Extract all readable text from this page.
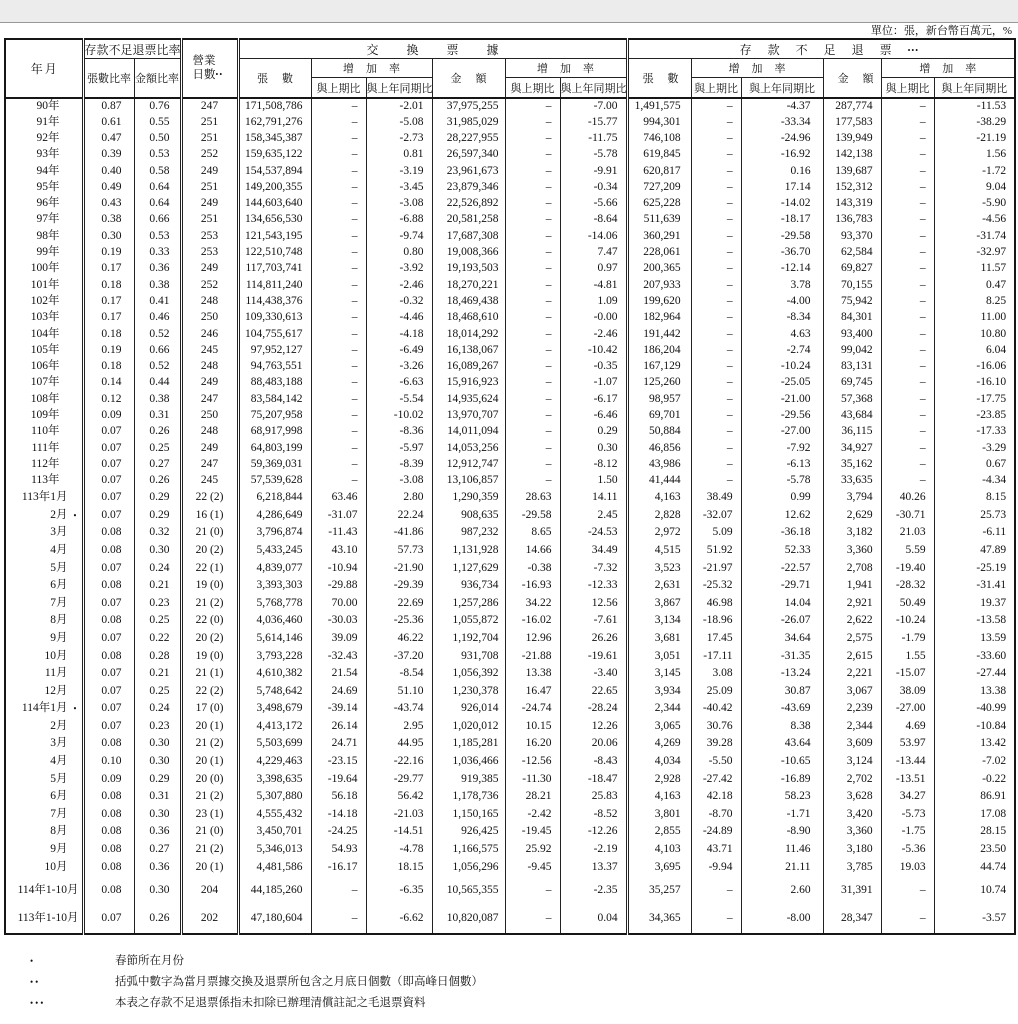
單位：張，新台幣百萬元，%
年月	存款不足退票比率		營業
日數••	交換票據						存款不足退票•••					
	張數比率	金額比率		張數	增加率		金額	增加率		張數	增加率		金額	增加率	
					與上期比	與上年同期比		與上期比	與上年同期比		與上期比	與上年同期比		與上期比	與上年同期比
90年	0.87	0.76	247	171,508,786	–	-2.01	37,975,255	–	-7.00	1,491,575	–	-4.37	287,774	–	-11.53
91年	0.61	0.55	251	162,791,276	–	-5.08	31,985,029	–	-15.77	994,301	–	-33.34	177,583	–	-38.29
92年	0.47	0.50	251	158,345,387	–	-2.73	28,227,955	–	-11.75	746,108	–	-24.96	139,949	–	-21.19
93年	0.39	0.53	252	159,635,122	–	0.81	26,597,340	–	-5.78	619,845	–	-16.92	142,138	–	1.56
94年	0.40	0.58	249	154,537,894	–	-3.19	23,961,673	–	-9.91	620,817	–	0.16	139,687	–	-1.72
95年	0.49	0.64	251	149,200,355	–	-3.45	23,879,346	–	-0.34	727,209	–	17.14	152,312	–	9.04
96年	0.43	0.64	249	144,603,640	–	-3.08	22,526,892	–	-5.66	625,228	–	-14.02	143,319	–	-5.90
97年	0.38	0.66	251	134,656,530	–	-6.88	20,581,258	–	-8.64	511,639	–	-18.17	136,783	–	-4.56
98年	0.30	0.53	253	121,543,195	–	-9.74	17,687,308	–	-14.06	360,291	–	-29.58	93,370	–	-31.74
99年	0.19	0.33	253	122,510,748	–	0.80	19,008,366	–	7.47	228,061	–	-36.70	62,584	–	-32.97
100年	0.17	0.36	249	117,703,741	–	-3.92	19,193,503	–	0.97	200,365	–	-12.14	69,827	–	11.57
101年	0.18	0.38	252	114,811,240	–	-2.46	18,270,221	–	-4.81	207,933	–	3.78	70,155	–	0.47
102年	0.17	0.41	248	114,438,376	–	-0.32	18,469,438	–	1.09	199,620	–	-4.00	75,942	–	8.25
103年	0.17	0.46	250	109,330,613	–	-4.46	18,468,610	–	-0.00	182,964	–	-8.34	84,301	–	11.00
104年	0.18	0.52	246	104,755,617	–	-4.18	18,014,292	–	-2.46	191,442	–	4.63	93,400	–	10.80
105年	0.19	0.66	245	97,952,127	–	-6.49	16,138,067	–	-10.42	186,204	–	-2.74	99,042	–	6.04
106年	0.18	0.52	248	94,763,551	–	-3.26	16,089,267	–	-0.35	167,129	–	-10.24	83,131	–	-16.06
107年	0.14	0.44	249	88,483,188	–	-6.63	15,916,923	–	-1.07	125,260	–	-25.05	69,745	–	-16.10
108年	0.12	0.38	247	83,584,142	–	-5.54	14,935,624	–	-6.17	98,957	–	-21.00	57,368	–	-17.75
109年	0.09	0.31	250	75,207,958	–	-10.02	13,970,707	–	-6.46	69,701	–	-29.56	43,684	–	-23.85
110年	0.07	0.26	248	68,917,998	–	-8.36	14,011,094	–	0.29	50,884	–	-27.00	36,115	–	-17.33
111年	0.07	0.25	249	64,803,199	–	-5.97	14,053,256	–	0.30	46,856	–	-7.92	34,927	–	-3.29
112年	0.07	0.27	247	59,369,031	–	-8.39	12,912,747	–	-8.12	43,986	–	-6.13	35,162	–	0.67
113年	0.07	0.26	245	57,539,628	–	-3.08	13,106,857	–	1.50	41,444	–	-5.78	33,635	–	-4.34
113年1月	0.07	0.29	22 (2)	6,218,844	63.46	2.80	1,290,359	28.63	14.11	4,163	38.49	0.99	3,794	40.26	8.15
2月 •	0.07	0.29	16 (1)	4,286,649	-31.07	22.24	908,635	-29.58	2.45	2,828	-32.07	12.62	2,629	-30.71	25.73
3月	0.08	0.32	21 (0)	3,796,874	-11.43	-41.86	987,232	8.65	-24.53	2,972	5.09	-36.18	3,182	21.03	-6.11
4月	0.08	0.30	20 (2)	5,433,245	43.10	57.73	1,131,928	14.66	34.49	4,515	51.92	52.33	3,360	5.59	47.89
5月	0.07	0.24	22 (1)	4,839,077	-10.94	-21.90	1,127,629	-0.38	-7.32	3,523	-21.97	-22.57	2,708	-19.40	-25.19
6月	0.08	0.21	19 (0)	3,393,303	-29.88	-29.39	936,734	-16.93	-12.33	2,631	-25.32	-29.71	1,941	-28.32	-31.41
7月	0.07	0.23	21 (2)	5,768,778	70.00	22.69	1,257,286	34.22	12.56	3,867	46.98	14.04	2,921	50.49	19.37
8月	0.08	0.25	22 (0)	4,036,460	-30.03	-25.36	1,055,872	-16.02	-7.61	3,134	-18.96	-26.07	2,622	-10.24	-13.58
9月	0.07	0.22	20 (2)	5,614,146	39.09	46.22	1,192,704	12.96	26.26	3,681	17.45	34.64	2,575	-1.79	13.59
10月	0.08	0.28	19 (0)	3,793,228	-32.43	-37.20	931,708	-21.88	-19.61	3,051	-17.11	-31.35	2,615	1.55	-33.60
11月	0.07	0.21	21 (1)	4,610,382	21.54	-8.54	1,056,392	13.38	-3.40	3,145	3.08	-13.24	2,221	-15.07	-27.44
12月	0.07	0.25	22 (2)	5,748,642	24.69	51.10	1,230,378	16.47	22.65	3,934	25.09	30.87	3,067	38.09	13.38
114年1月 •	0.07	0.24	17 (0)	3,498,679	-39.14	-43.74	926,014	-24.74	-28.24	2,344	-40.42	-43.69	2,239	-27.00	-40.99
2月	0.07	0.23	20 (1)	4,413,172	26.14	2.95	1,020,012	10.15	12.26	3,065	30.76	8.38	2,344	4.69	-10.84
3月	0.08	0.30	21 (2)	5,503,699	24.71	44.95	1,185,281	16.20	20.06	4,269	39.28	43.64	3,609	53.97	13.42
4月	0.10	0.30	20 (1)	4,229,463	-23.15	-22.16	1,036,466	-12.56	-8.43	4,034	-5.50	-10.65	3,124	-13.44	-7.02
5月	0.09	0.29	20 (0)	3,398,635	-19.64	-29.77	919,385	-11.30	-18.47	2,928	-27.42	-16.89	2,702	-13.51	-0.22
6月	0.08	0.31	21 (2)	5,307,880	56.18	56.42	1,178,736	28.21	25.83	4,163	42.18	58.23	3,628	34.27	86.91
7月	0.08	0.30	23 (1)	4,555,432	-14.18	-21.03	1,150,165	-2.42	-8.52	3,801	-8.70	-1.71	3,420	-5.73	17.08
8月	0.08	0.36	21 (0)	3,450,701	-24.25	-14.51	926,425	-19.45	-12.26	2,855	-24.89	-8.90	3,360	-1.75	28.15
9月	0.08	0.27	21 (2)	5,346,013	54.93	-4.78	1,166,575	25.92	-2.19	4,103	43.71	11.46	3,180	-5.36	23.50
10月	0.08	0.36	20 (1)	4,481,586	-16.17	18.15	1,056,296	-9.45	13.37	3,695	-9.94	21.11	3,785	19.03	44.74
114年1-10月	0.08	0.30	204	44,185,260	–	-6.35	10,565,355	–	-2.35	35,257	–	2.60	31,391	–	10.74
113年1-10月	0.07	0.26	202	47,180,604	–	-6.62	10,820,087	–	0.04	34,365	–	-8.00	28,347	–	-3.57
•	春節所在月份
••	括弧中數字為當月票據交換及退票所包含之月底日個數（即高峰日個數）
•••	本表之存款不足退票係指未扣除已辦理清償註記之毛退票資料
